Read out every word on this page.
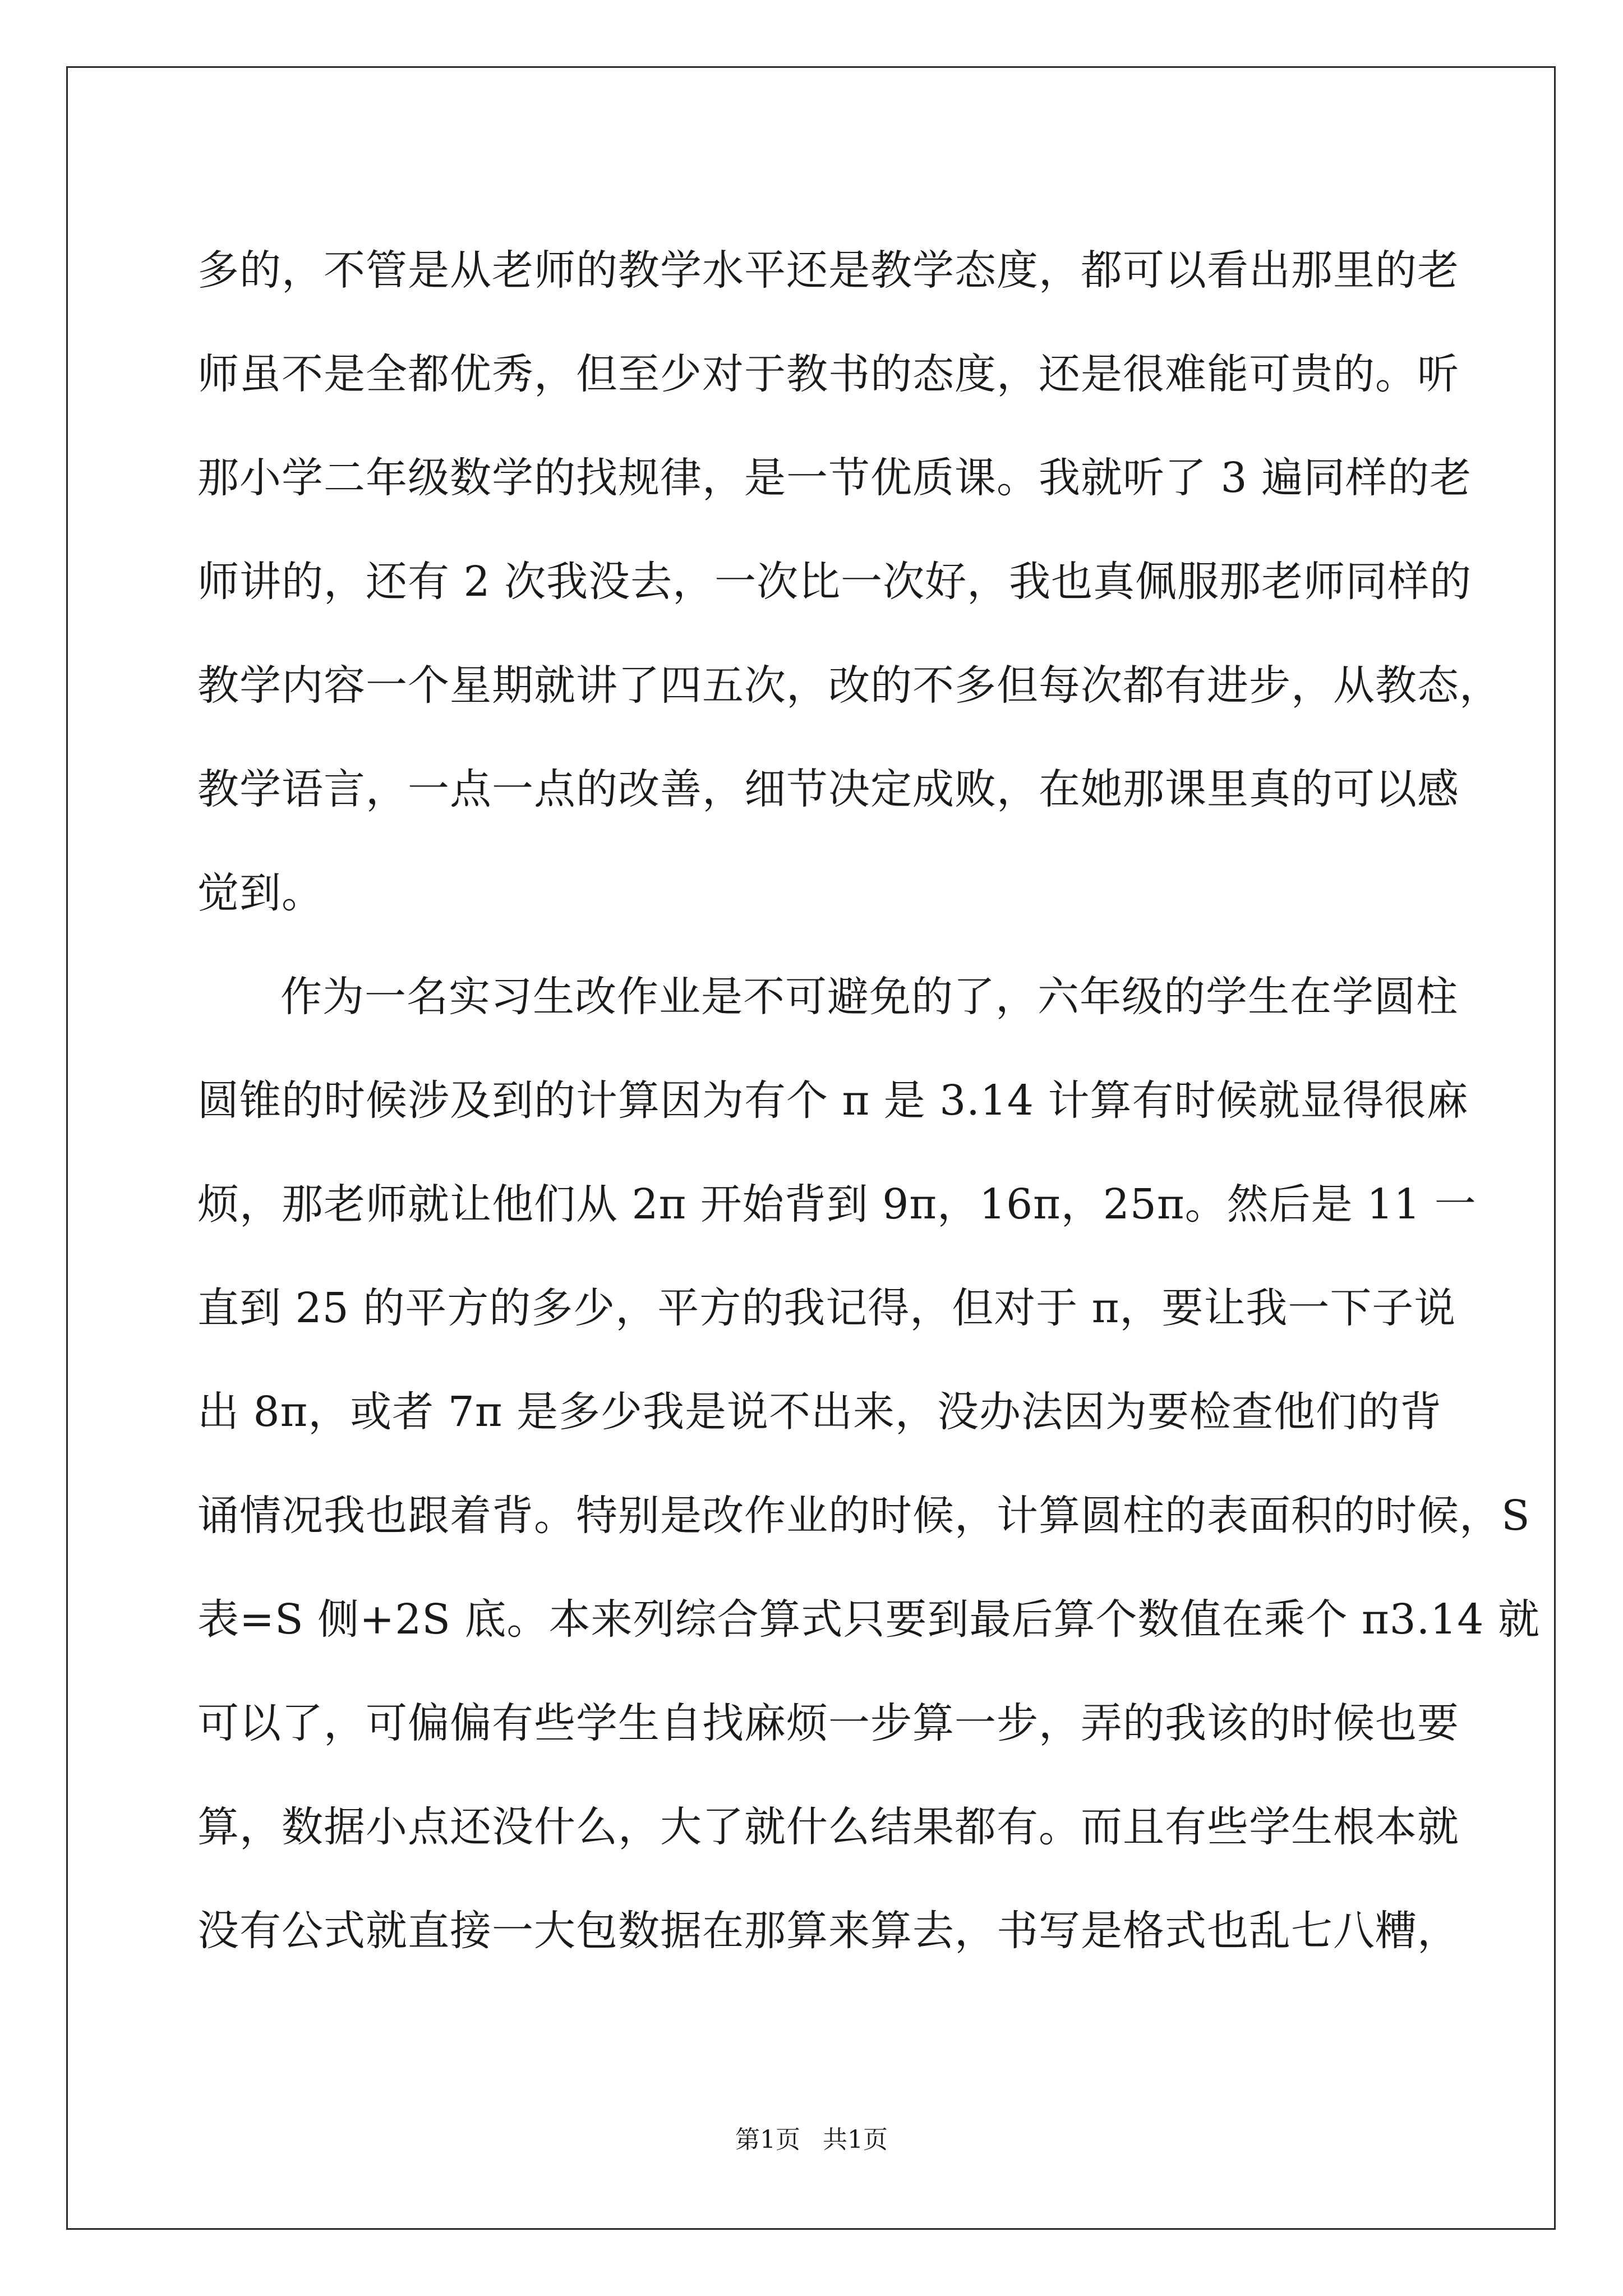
多的，不管是从老师的教学水平还是教学态度，都可以看出那里的老
师虽不是全都优秀，但至少对于教书的态度，还是很难能可贵的。听
那小学二年级数学的找规律，是一节优质课。我就听了 3 遍同样的老
师讲的，还有 2 次我没去，一次比一次好，我也真佩服那老师同样的
教学内容一个星期就讲了四五次，改的不多但每次都有进步，从教态，
教学语言，一点一点的改善，细节决定成败，在她那课里真的可以感
觉到。
作为一名实习生改作业是不可避免的了，六年级的学生在学圆柱
圆锥的时候涉及到的计算因为有个 π 是 3.14 计算有时候就显得很麻
烦，那老师就让他们从 2π 开始背到 9π，16π，25π。然后是 11 一
直到 25 的平方的多少，平方的我记得，但对于 π，要让我一下子说
出 8π，或者 7π 是多少我是说不出来，没办法因为要检查他们的背
诵情况我也跟着背。特别是改作业的时候，计算圆柱的表面积的时候，S
表=S 侧+2S 底。本来列综合算式只要到最后算个数值在乘个 π3.14 就
可以了，可偏偏有些学生自找麻烦一步算一步，弄的我该的时候也要
算，数据小点还没什么，大了就什么结果都有。而且有些学生根本就
没有公式就直接一大包数据在那算来算去，书写是格式也乱七八糟，
第1页 共1页
